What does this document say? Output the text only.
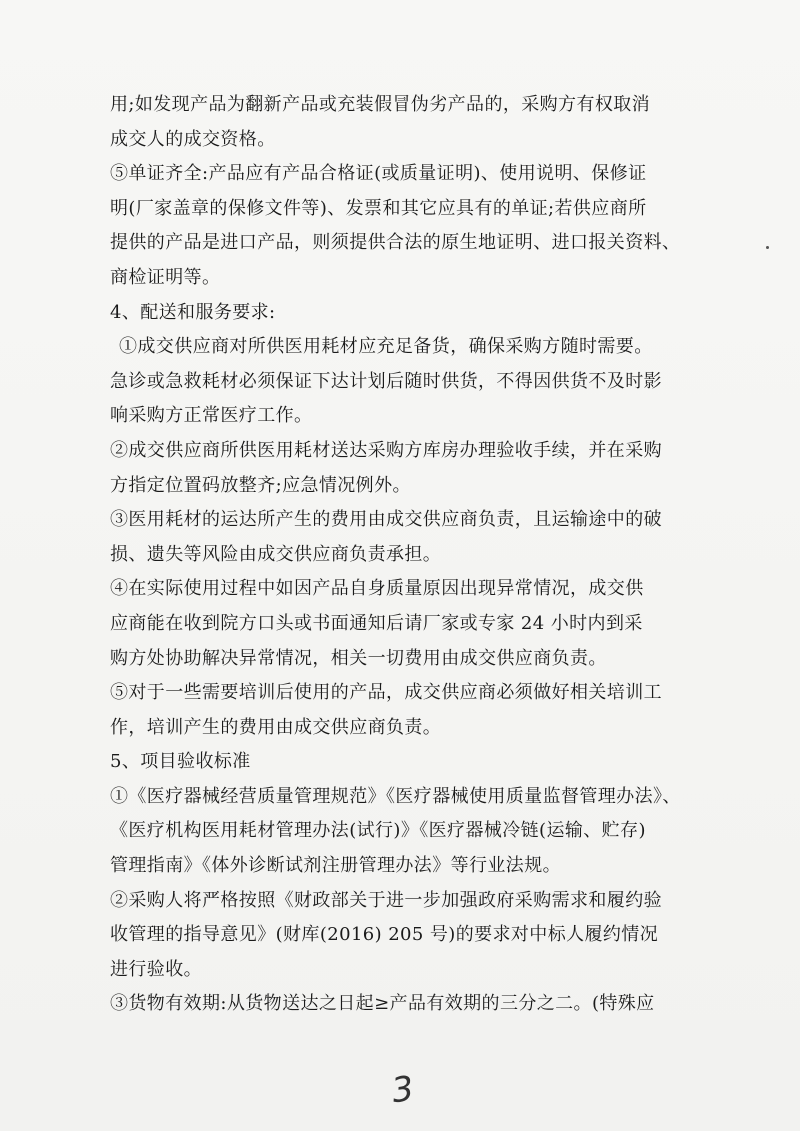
用;如发现产品为翻新产品或充装假冒伪劣产品的，采购方有权取消
成交人的成交资格。
⑤单证齐全:产品应有产品合格证(或质量证明)、使用说明、保修证
明(厂家盖章的保修文件等)、发票和其它应具有的单证;若供应商所
提供的产品是进口产品，则须提供合法的原生地证明、进口报关资料、
商检证明等。
4、配送和服务要求:
①成交供应商对所供医用耗材应充足备货，确保采购方随时需要。
急诊或急救耗材必须保证下达计划后随时供货，不得因供货不及时影
响采购方正常医疗工作。
②成交供应商所供医用耗材送达采购方库房办理验收手续，并在采购
方指定位置码放整齐;应急情况例外。
③医用耗材的运达所产生的费用由成交供应商负责，且运输途中的破
损、遗失等风险由成交供应商负责承担。
④在实际使用过程中如因产品自身质量原因出现异常情况，成交供
应商能在收到院方口头或书面通知后请厂家或专家 24 小时内到采
购方处协助解决异常情况，相关一切费用由成交供应商负责。
⑤对于一些需要培训后使用的产品，成交供应商必须做好相关培训工
作，培训产生的费用由成交供应商负责。
5、项目验收标准
①《医疗器械经营质量管理规范》《医疗器械使用质量监督管理办法》、
《医疗机构医用耗材管理办法(试行)》《医疗器械冷链(运输、贮存)
管理指南》《体外诊断试剂注册管理办法》等行业法规。
②采购人将严格按照《财政部关于进一步加强政府采购需求和履约验
收管理的指导意见》(财库(2016) 205 号)的要求对中标人履约情况
进行验收。
③货物有效期:从货物送达之日起≥产品有效期的三分之二。(特殊应
3
